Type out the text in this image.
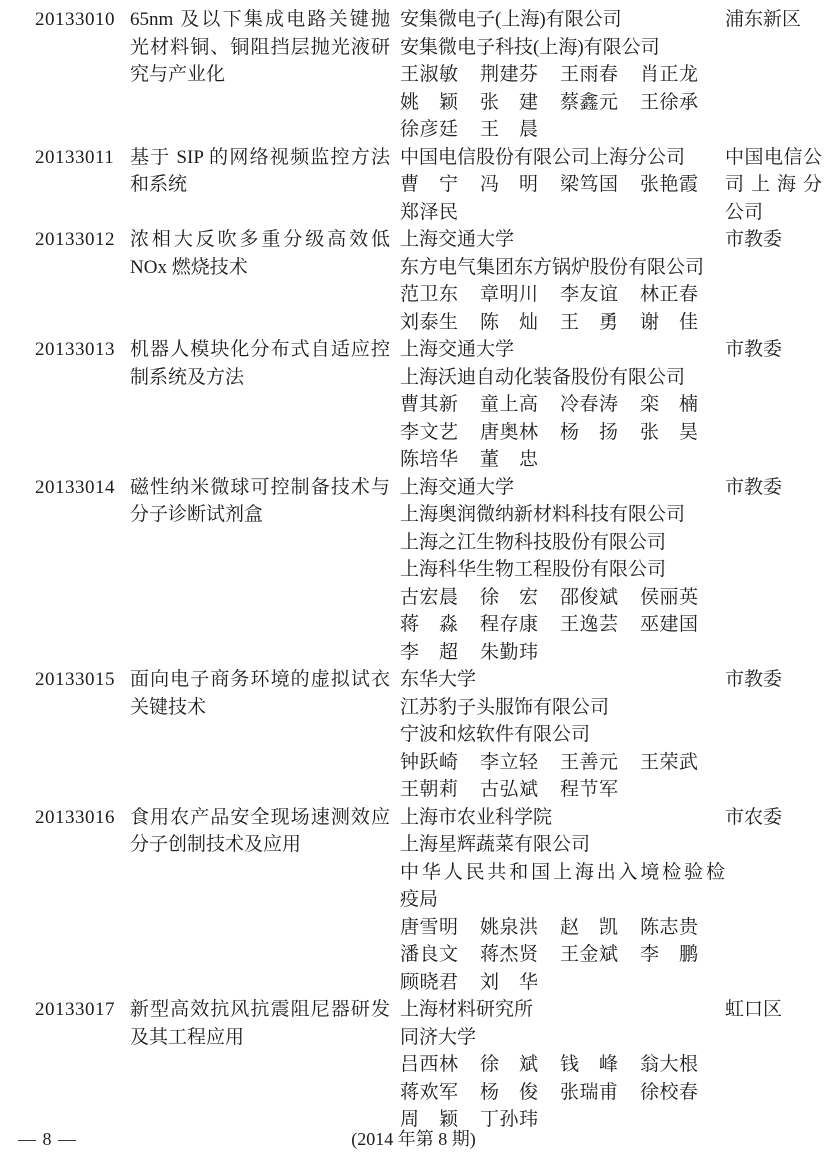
20133010 65nm 及以下集成电路关键抛
光材料铜、铜阻挡层抛光液研
究与产业化
安集微电子(上海)有限公司
安集微电子科技(上海)有限公司
王 淑 敏 荆 建 芬 王 雨 春 肖 正 龙
姚 颖 张 建 蔡 鑫 元 王 徐 承
徐 彦 廷 王 晨
浦东新区
20133011 基于 SIP 的网络视频监控方法
和系统
中国电信股份有限公司上海分公司
曹 宁 冯 明 梁 笃 国 张 艳 霞
郑 泽 民
中国电信公
司上海分
公司
20133012 浓相大反吹多重分级高效低
NOx 燃烧技术
上海交通大学
东方电气集团东方锅炉股份有限公司
范 卫 东 章 明 川 李 友 谊 林 正 春
刘 泰 生 陈 灿 王 勇 谢 佳
市教委
20133013 机器人模块化分布式自适应控
制系统及方法
上海交通大学
上海沃迪自动化装备股份有限公司
曹 其 新 童 上 高 冷 春 涛 栾 楠
李 文 艺 唐 奥 林 杨 扬 张 昊
陈 培 华 董 忠
市教委
20133014 磁性纳米微球可控制备技术与
分子诊断试剂盒
上海交通大学
上海奥润微纳新材料科技有限公司
上海之江生物科技股份有限公司
上海科华生物工程股份有限公司
古 宏 晨 徐 宏 邵 俊 斌 侯 丽 英
蒋 淼 程 存 康 王 逸 芸 巫 建 国
李 超 朱 勤 玮
市教委
20133015 面向电子商务环境的虚拟试衣
关键技术
东华大学
江苏豹子头服饰有限公司
宁波和炫软件有限公司
钟 跃 崎 李 立 轻 王 善 元 王 荣 武
王 朝 莉 古 弘 斌 程 节 军
市教委
20133016 食用农产品安全现场速测效应
分子创制技术及应用
上海市农业科学院
上海星辉蔬菜有限公司
中华人民共和国上海出入境检验检
疫局
唐 雪 明 姚 泉 洪 赵 凯 陈 志 贵
潘 良 文 蒋 杰 贤 王 金 斌 李 鹏
顾 晓 君 刘 华
市农委
20133017 新型高效抗风抗震阻尼器研发
及其工程应用
上海材料研究所
同济大学
吕 西 林 徐 斌 钱 峰 翁 大 根
蒋 欢 军 杨 俊 张 瑞 甫 徐 校 春
周 颖 丁 孙 玮
虹口区
— 8 —	(2014 年第 8 期)
